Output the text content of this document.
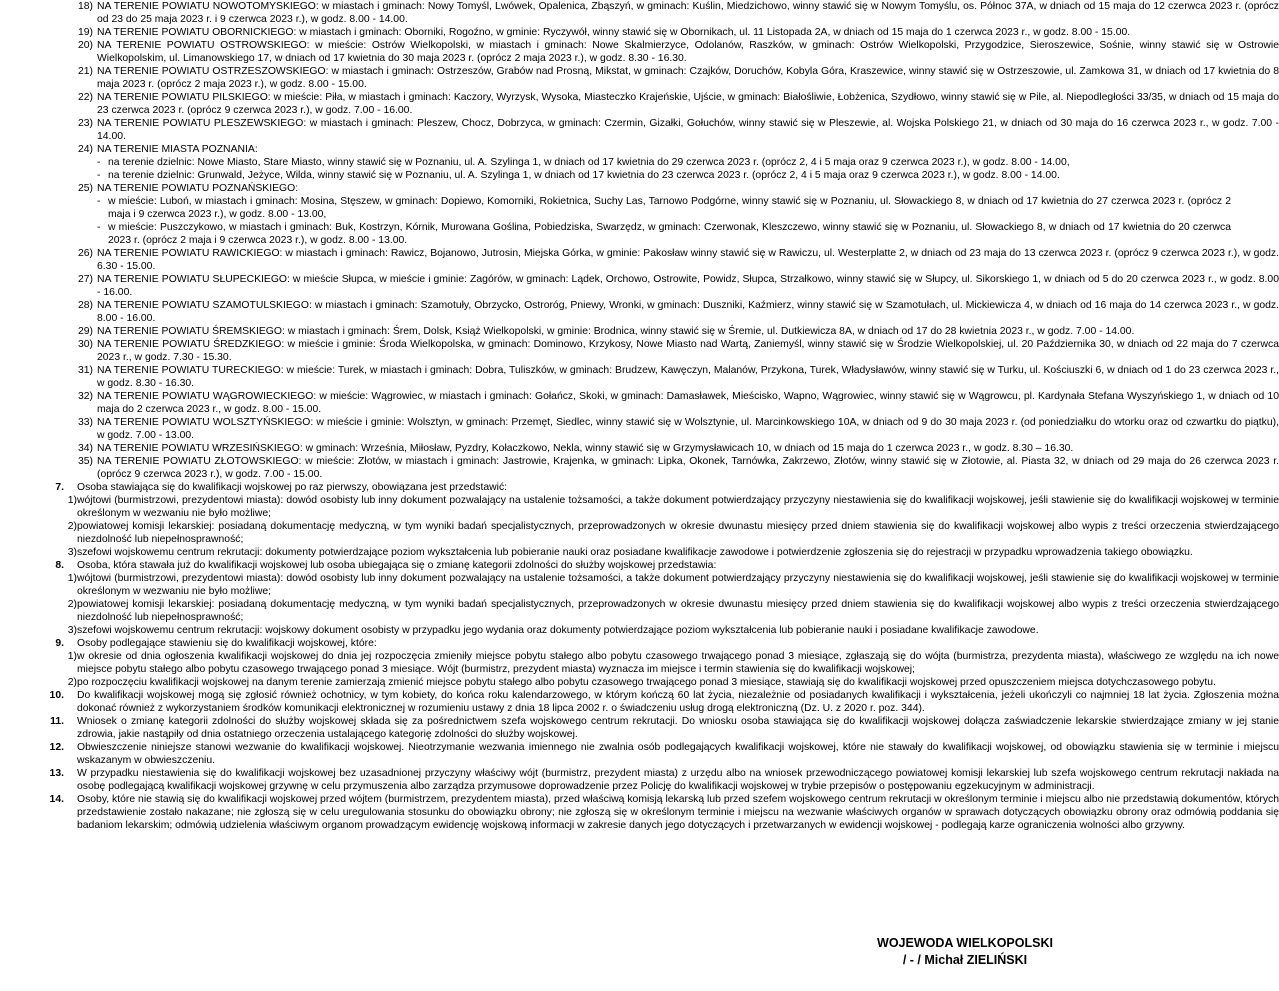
18) NA TERENIE POWIATU NOWOTOMYSKIEGO: w miastach i gminach: Nowy Tomyśl, Lwówek, Opalenica, Zbąszyń, w gminach: Kuślin, Miedzichowo, winny stawić się w Nowym Tomyślu, os. Północ 37A, w dniach od 15 maja do 12 czerwca 2023 r. (oprócz od 23 do 25 maja 2023 r. i 9 czerwca 2023 r.), w godz. 8.00 - 14.00.
19) NA TERENIE POWIATU OBORNICKIEGO: w miastach i gminach: Oborniki, Rogoźno, w gminie: Ryczywół, winny stawić się w Obornikach, ul. 11 Listopada 2A, w dniach od 15 maja do 1 czerwca 2023 r., w godz. 8.00 - 15.00.
20) NA TERENIE POWIATU OSTROWSKIEGO: w mieście: Ostrów Wielkopolski, w miastach i gminach: Nowe Skalmierzyce, Odolanów, Raszków, w gminach: Ostrów Wielkopolski, Przygodzice, Sieroszewice, Sośnie, winny stawić się w Ostrowie Wielkopolskim, ul. Limanowskiego 17, w dniach od 17 kwietnia do 30 maja 2023 r. (oprócz 2 maja 2023 r.), w godz. 8.30 - 16.30.
21) NA TERENIE POWIATU OSTRZESZOWSKIEGO: w miastach i gminach: Ostrzeszów, Grabów nad Prosną, Mikstat, w gminach: Czajków, Doruchów, Kobyla Góra, Kraszewice, winny stawić się w Ostrzeszowie, ul. Zamkowa 31, w dniach od 17 kwietnia do 8 maja 2023 r. (oprócz 2 maja 2023 r.), w godz. 8.00 - 15.00.
22) NA TERENIE POWIATU PILSKIEGO: w mieście: Piła, w miastach i gminach: Kaczory, Wyrzysk, Wysoka, Miasteczko Krajeńskie, Ujście, w gminach: Białośliwie, Łobżenica, Szydłowo, winny stawić się w Pile, al. Niepodległości 33/35, w dniach od 15 maja do 23 czerwca 2023 r. (oprócz 9 czerwca 2023 r.), w godz. 7.00 - 16.00.
23) NA TERENIE POWIATU PLESZEWSKIEGO: w miastach i gminach: Pleszew, Chocz, Dobrzyca, w gminach: Czermin, Gizałki, Gołuchów, winny stawić się w Pleszewie, al. Wojska Polskiego 21, w dniach od 30 maja do 16 czerwca 2023 r., w godz. 7.00 - 14.00.
24) NA TERENIE MIASTA POZNANIA:
- na terenie dzielnic: Nowe Miasto, Stare Miasto, winny stawić się w Poznaniu, ul. A. Szylinga 1, w dniach od 17 kwietnia do 29 czerwca 2023 r. (oprócz 2, 4 i 5 maja oraz 9 czerwca 2023 r.), w godz. 8.00 - 14.00,
- na terenie dzielnic: Grunwald, Jeżyce, Wilda, winny stawić się w Poznaniu, ul. A. Szylinga 1, w dniach od 17 kwietnia do 23 czerwca 2023 r. (oprócz 2, 4 i 5 maja oraz 9 czerwca 2023 r.), w godz. 8.00 - 14.00.
25) NA TERENIE POWIATU POZNAŃSKIEGO:
- w mieście: Luboń, w miastach i gminach: Mosina, Stęszew, w gminach: Dopiewo, Komorniki, Rokietnica, Suchy Las, Tarnowo Podgórne, winny stawić się w Poznaniu, ul. Słowackiego 8, w dniach od 17 kwietnia do 27 czerwca 2023 r. (oprócz 2 maja i 9 czerwca 2023 r.), w godz. 8.00 - 13.00,
- w mieście: Puszczykowo, w miastach i gminach: Buk, Kostrzyn, Kórnik, Murowana Goślina, Pobiedziska, Swarzędz, w gminach: Czerwonak, Kleszczewo, winny stawić się w Poznaniu, ul. Słowackiego 8, w dniach od 17 kwietnia do 20 czerwca 2023 r. (oprócz 2 maja i 9 czerwca 2023 r.), w godz. 8.00 - 13.00.
26) NA TERENIE POWIATU RAWICKIEGO: w miastach i gminach: Rawicz, Bojanowo, Jutrosin, Miejska Górka, w gminie: Pakosław winny stawić się w Rawiczu, ul. Westerplatte 2, w dniach od 23 maja do 13 czerwca 2023 r. (oprócz 9 czerwca 2023 r.), w godz. 6.30 - 15.00.
27) NA TERENIE POWIATU SŁUPECKIEGO: w mieście Słupca, w mieście i gminie: Zagórów, w gminach: Lądek, Orchowo, Ostrowite, Powidz, Słupca, Strzałkowo, winny stawić się w Słupcy, ul. Sikorskiego 1, w dniach od 5 do 20 czerwca 2023 r., w godz. 8.00 - 16.00.
28) NA TERENIE POWIATU SZAMOTULSKIEGO: w miastach i gminach: Szamotuły, Obrzycko, Ostroróg, Pniewy, Wronki, w gminach: Duszniki, Kaźmierz, winny stawić się w Szamotułach, ul. Mickiewicza 4, w dniach od 16 maja do 14 czerwca 2023 r., w godz. 8.00 - 16.00.
29) NA TERENIE POWIATU ŚREMSKIEGO: w miastach i gminach: Śrem, Dolsk, Książ Wielkopolski, w gminie: Brodnica, winny stawić się w Śremie, ul. Dutkiewicza 8A, w dniach od 17 do 28 kwietnia 2023 r., w godz. 7.00 - 14.00.
30) NA TERENIE POWIATU ŚREDZKIEGO: w mieście i gminie: Środa Wielkopolska, w gminach: Dominowo, Krzykosy, Nowe Miasto nad Wartą, Zaniemyśl, winny stawić się w Środzie Wielkopolskiej, ul. 20 Października 30, w dniach od 22 maja do 7 czerwca 2023 r., w godz. 7.30 - 15.30.
31) NA TERENIE POWIATU TURECKIEGO: w mieście: Turek, w miastach i gminach: Dobra, Tuliszków, w gminach: Brudzew, Kawęczyn, Malanów, Przykona, Turek, Władysławów, winny stawić się w Turku, ul. Kościuszki 6, w dniach od 1 do 23 czerwca 2023 r., w godz. 8.30 - 16.30.
32) NA TERENIE POWIATU WĄGROWIECKIEGO: w mieście: Wągrowiec, w miastach i gminach: Gołańcz, Skoki, w gminach: Damasławek, Mieścisko, Wapno, Wągrowiec, winny stawić się w Wągrowcu, pl. Kardynała Stefana Wyszyńskiego 1, w dniach od 10 maja do 2 czerwca 2023 r., w godz. 8.00 - 15.00.
33) NA TERENIE POWIATU WOLSZTYŃSKIEGO: w mieście i gminie: Wolsztyn, w gminach: Przemęt, Siedlec, winny stawić się w Wolsztynie, ul. Marcinkowskiego 10A, w dniach od 9 do 30 maja 2023 r. (od poniedziałku do wtorku oraz od czwartku do piątku), w godz. 7.00 - 13.00.
34) NA TERENIE POWIATU WRZESIŃSKIEGO: w gminach: Września, Miłosław, Pyzdry, Kołaczkowo, Nekla, winny stawić się w Grzymysławicach 10, w dniach od 15 maja do 1 czerwca 2023 r., w godz. 8.30 – 16.30.
35) NA TERENIE POWIATU ZŁOTOWSKIEGO: w mieście: Złotów, w miastach i gminach: Jastrowie, Krajenka, w gminach: Lipka, Okonek, Tarnówka, Zakrzewo, Złotów, winny stawić się w Złotowie, al. Piasta 32, w dniach od 29 maja do 26 czerwca 2023 r. (oprócz 9 czerwca 2023 r.), w godz. 7.00 - 15.00.
7.	Osoba stawiająca się do kwalifikacji wojskowej po raz pierwszy, obowiązana jest przedstawić:
1) wójtowi (burmistrzowi, prezydentowi miasta): dowód osobisty lub inny dokument pozwalający na ustalenie tożsamości, a także dokument potwierdzający przyczyny niestawienia się do kwalifikacji wojskowej, jeśli stawienie się do kwalifikacji wojskowej w terminie określonym w wezwaniu nie było możliwe;
2) powiatowej komisji lekarskiej: posiadaną dokumentację medyczną, w tym wyniki badań specjalistycznych, przeprowadzonych w okresie dwunastu miesięcy przed dniem stawienia się do kwalifikacji wojskowej albo wypis z treści orzeczenia stwierdzającego niezdolność lub niepełnosprawność;
3) szefowi wojskowemu centrum rekrutacji: dokumenty potwierdzające poziom wykształcenia lub pobieranie nauki oraz posiadane kwalifikacje zawodowe i potwierdzenie zgłoszenia się do rejestracji w przypadku wprowadzenia takiego obowiązku.
8.	Osoba, która stawała już do kwalifikacji wojskowej lub osoba ubiegająca się o zmianę kategorii zdolności do służby wojskowej przedstawia:
1) wójtowi (burmistrzowi, prezydentowi miasta): dowód osobisty lub inny dokument pozwalający na ustalenie tożsamości, a także dokument potwierdzający przyczyny niestawienia się do kwalifikacji wojskowej, jeśli stawienie się do kwalifikacji wojskowej w terminie określonym w wezwaniu nie było możliwe;
2) powiatowej komisji lekarskiej: posiadaną dokumentację medyczną, w tym wyniki badań specjalistycznych, przeprowadzonych w okresie dwunastu miesięcy przed dniem stawienia się do kwalifikacji wojskowej albo wypis z treści orzeczenia stwierdzającego niezdolność lub niepełnosprawność;
3) szefowi wojskowemu centrum rekrutacji: wojskowy dokument osobisty w przypadku jego wydania oraz dokumenty potwierdzające poziom wykształcenia lub pobieranie nauki i posiadane kwalifikacje zawodowe.
9.	Osoby podlegające stawieniu się do kwalifikacji wojskowej, które:
1) w okresie od dnia ogłoszenia kwalifikacji wojskowej do dnia jej rozpoczęcia zmieniły miejsce pobytu stałego albo pobytu czasowego trwającego ponad 3 miesiące, zgłaszają się do wójta (burmistrza, prezydenta miasta), właściwego ze względu na ich nowe miejsce pobytu stałego albo pobytu czasowego trwającego ponad 3 miesiące. Wójt (burmistrz, prezydent miasta) wyznacza im miejsce i termin stawienia się do kwalifikacji wojskowej;
2) po rozpoczęciu kwalifikacji wojskowej na danym terenie zamierzają zmienić miejsce pobytu stałego albo pobytu czasowego trwającego ponad 3 miesiące, stawiają się do kwalifikacji wojskowej przed opuszczeniem miejsca dotychczasowego pobytu.
10.	Do kwalifikacji wojskowej mogą się zgłosić również ochotnicy, w tym kobiety, do końca roku kalendarzowego, w którym kończą 60 lat życia, niezależnie od posiadanych kwalifikacji i wykształcenia, jeżeli ukończyli co najmniej 18 lat życia. Zgłoszenia można dokonać również z wykorzystaniem środków komunikacji elektronicznej w rozumieniu ustawy z dnia 18 lipca 2002 r. o świadczeniu usług drogą elektroniczną (Dz. U. z 2020 r. poz. 344).
11.	Wniosek o zmianę kategorii zdolności do służby wojskowej składa się za pośrednictwem szefa wojskowego centrum rekrutacji. Do wniosku osoba stawiająca się do kwalifikacji wojskowej dołącza zaświadczenie lekarskie stwierdzające zmiany w jej stanie zdrowia, jakie nastąpiły od dnia ostatniego orzeczenia ustalającego kategorię zdolności do służby wojskowej.
12.	Obwieszczenie niniejsze stanowi wezwanie do kwalifikacji wojskowej. Nieotrzymanie wezwania imiennego nie zwalnia osób podlegających kwalifikacji wojskowej, które nie stawały do kwalifikacji wojskowej, od obowiązku stawienia się w terminie i miejscu wskazanym w obwieszczeniu.
13.	W przypadku niestawienia się do kwalifikacji wojskowej bez uzasadnionej przyczyny właściwy wójt (burmistrz, prezydent miasta) z urzędu albo na wniosek przewodniczącego powiatowej komisji lekarskiej lub szefa wojskowego centrum rekrutacji nakłada na osobę podlegającą kwalifikacji wojskowej grzywnę w celu przymuszenia albo zarządza przymusowe doprowadzenie przez Policję do kwalifikacji wojskowej w trybie przepisów o postępowaniu egzekucyjnym w administracji.
14.	Osoby, które nie stawią się do kwalifikacji wojskowej przed wójtem (burmistrzem, prezydentem miasta), przed właściwą komisją lekarską lub przed szefem wojskowego centrum rekrutacji w określonym terminie i miejscu albo nie przedstawią dokumentów, których przedstawienie zostało nakazane; nie zgłoszą się w celu uregulowania stosunku do obowiązku obrony; nie zgłoszą się w określonym terminie i miejscu na wezwanie właściwych organów w sprawach dotyczących obowiązku obrony oraz odmówią poddania się badaniom lekarskim; odmówią udzielenia właściwym organom prowadzącym ewidencję wojskową informacji w zakresie danych jego dotyczących i przetwarzanych w ewidencji wojskowej - podlegają karze ograniczenia wolności albo grzywny.
WOJEWODA WIELKOPOLSKI
/ - / Michał ZIELIŃSKI
